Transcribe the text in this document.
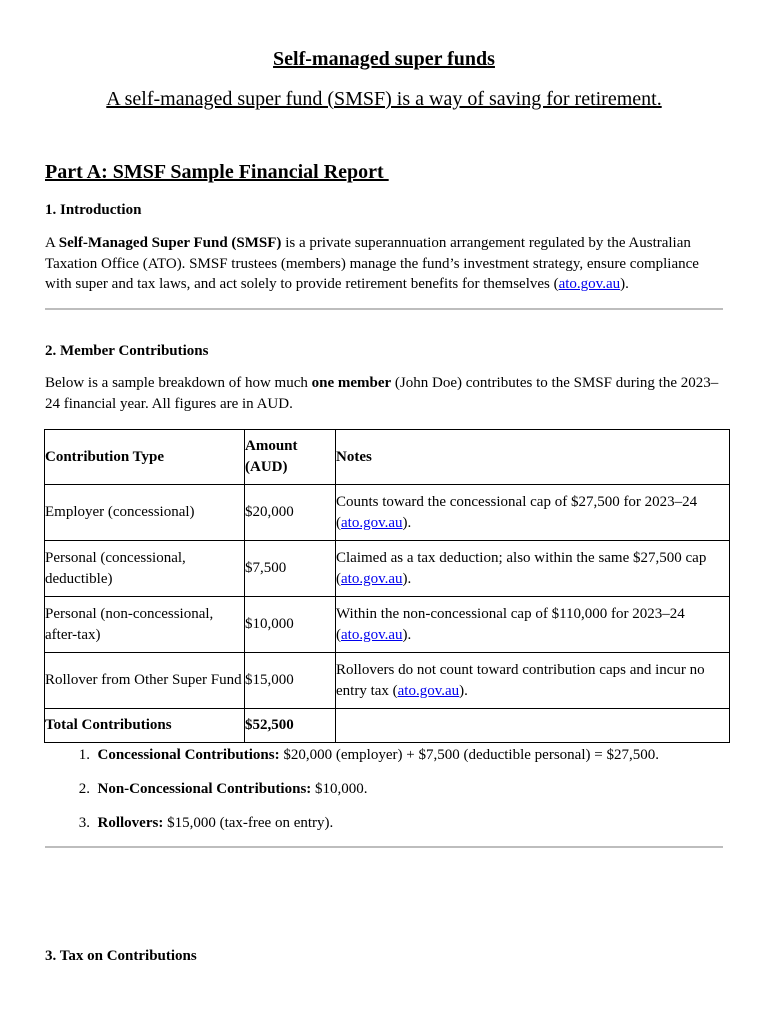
Self-managed super funds
A self-managed super fund (SMSF) is a way of saving for retirement.
Part A: SMSF Sample Financial Report
1. Introduction
A Self-Managed Super Fund (SMSF) is a private superannuation arrangement regulated by the Australian Taxation Office (ATO). SMSF trustees (members) manage the fund’s investment strategy, ensure compliance with super and tax laws, and act solely to provide retirement benefits for themselves (ato.gov.au).
2. Member Contributions
Below is a sample breakdown of how much one member (John Doe) contributes to the SMSF during the 2023–24 financial year. All figures are in AUD.
Contribution Type	Amount (AUD)	Notes
Employer (concessional)	$20,000	Counts toward the concessional cap of $27,500 for 2023–24 (ato.gov.au).
Personal (concessional, deductible)	$7,500	Claimed as a tax deduction; also within the same $27,500 cap (ato.gov.au).
Personal (non-concessional, after-tax)	$10,000	Within the non-concessional cap of $110,000 for 2023–24 (ato.gov.au).
Rollover from Other Super Fund	$15,000	Rollovers do not count toward contribution caps and incur no entry tax (ato.gov.au).
Total Contributions	$52,500	
1. Concessional Contributions: $20,000 (employer) + $7,500 (deductible personal) = $27,500.
2. Non-Concessional Contributions: $10,000.
3. Rollovers: $15,000 (tax-free on entry).
3. Tax on Contributions
